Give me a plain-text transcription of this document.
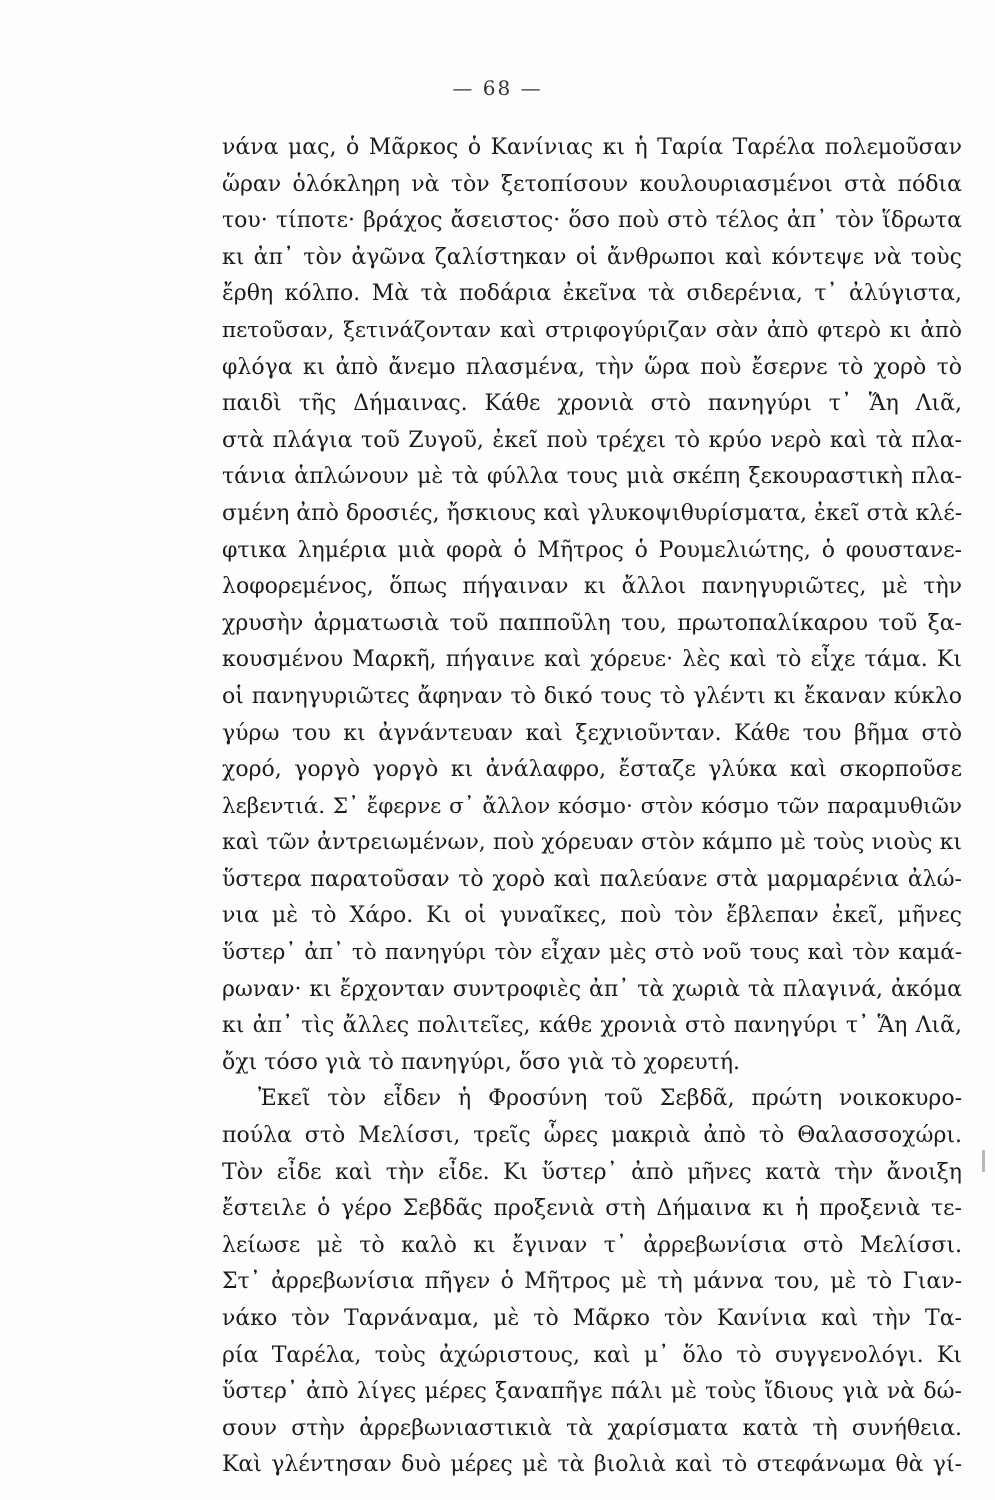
— 68 —
νάνα μας, ὁ Μᾶρκος ὁ Κανίνιας κι ἡ Ταρία Ταρέλα πολεμοῦσαν
ὥραν ὁλόκληρη νὰ τὸν ξετοπίσουν κουλουριασμένοι στὰ πόδια
του· τίποτε· βράχος ἄσειστος· ὅσο ποὺ στὸ τέλος ἀπ᾿ τὸν ἵδρωτα
κι ἀπ᾿ τὸν ἀγῶνα ζαλίστηκαν οἱ ἄνθρωποι καὶ κόντεψε νὰ τοὺς
ἔρθη κόλπο. Μὰ τὰ ποδάρια ἐκεῖνα τὰ σιδερένια, τ᾿ ἀλύγιστα,
πετοῦσαν, ξετινάζονταν καὶ στριφογύριζαν σὰν ἀπὸ φτερὸ κι ἀπὸ
φλόγα κι ἀπὸ ἄνεμο πλασμένα, τὴν ὥρα ποὺ ἔσερνε τὸ χορὸ τὸ
παιδὶ τῆς Δήμαινας. Κάθε χρονιὰ στὸ πανηγύρι τ᾿ Ἅη Λιᾶ,
στὰ πλάγια τοῦ Ζυγοῦ, ἐκεῖ ποὺ τρέχει τὸ κρύο νερὸ καὶ τὰ πλα-
τάνια ἁπλώνουν μὲ τὰ φύλλα τους μιὰ σκέπη ξεκουραστικὴ πλα-
σμένη ἀπὸ δροσιές, ἤσκιους καὶ γλυκοψιθυρίσματα, ἐκεῖ στὰ κλέ-
φτικα λημέρια μιὰ φορὰ ὁ Μῆτρος ὁ Ρουμελιώτης, ὁ φουστανε-
λοφορεμένος, ὅπως πήγαιναν κι ἄλλοι πανηγυριῶτες, μὲ τὴν
χρυσὴν ἀρματωσιὰ τοῦ παπποῦλη του, πρωτοπαλίκαρου τοῦ ξα-
κουσμένου Μαρκῆ, πήγαινε καὶ χόρευε· λὲς καὶ τὸ εἶχε τάμα. Κι
οἱ πανηγυριῶτες ἄφηναν τὸ δικό τους τὸ γλέντι κι ἔκαναν κύκλο
γύρω του κι ἀγνάντευαν καὶ ξεχνιοῦνταν. Κάθε του βῆμα στὸ
χορό, γοργὸ γοργὸ κι ἀνάλαφρο, ἔσταζε γλύκα καὶ σκορποῦσε
λεβεντιά. Σ᾿ ἔφερνε σ᾿ ἄλλον κόσμο· στὸν κόσμο τῶν παραμυθιῶν
καὶ τῶν ἀντρειωμένων, ποὺ χόρευαν στὸν κάμπο μὲ τοὺς νιοὺς κι
ὕστερα παρατοῦσαν τὸ χορὸ καὶ παλεύανε στὰ μαρμαρένια ἀλώ-
νια μὲ τὸ Χάρο. Κι οἱ γυναῖκες, ποὺ τὸν ἔβλεπαν ἐκεῖ, μῆνες
ὕστερ᾿ ἀπ᾿ τὸ πανηγύρι τὸν εἶχαν μὲς στὸ νοῦ τους καὶ τὸν καμά-
ρωναν· κι ἔρχονταν συντροφιὲς ἀπ᾿ τὰ χωριὰ τὰ πλαγινά, ἀκόμα
κι ἀπ᾿ τὶς ἄλλες πολιτεῖες, κάθε χρονιὰ στὸ πανηγύρι τ᾿ Ἅη Λιᾶ,
ὄχι τόσο γιὰ τὸ πανηγύρι, ὅσο γιὰ τὸ χορευτή.
Ἐκεῖ τὸν εἶδεν ἡ Φροσύνη τοῦ Σεβδᾶ, πρώτη νοικοκυρο-
πούλα στὸ Μελίσσι, τρεῖς ὧρες μακριὰ ἀπὸ τὸ Θαλασσοχώρι.
Τὸν εἶδε καὶ τὴν εἶδε. Κι ὕστερ᾿ ἀπὸ μῆνες κατὰ τὴν ἄνοιξη
ἔστειλε ὁ γέρο Σεβδᾶς προξενιὰ στὴ Δήμαινα κι ἡ προξενιὰ τε-
λείωσε μὲ τὸ καλὸ κι ἔγιναν τ᾿ ἀρρεβωνίσια στὸ Μελίσσι.
Στ᾿ ἀρρεβωνίσια πῆγεν ὁ Μῆτρος μὲ τὴ μάννα του, μὲ τὸ Γιαν-
νάκο τὸν Ταρνάναμα, μὲ τὸ Μᾶρκο τὸν Κανίνια καὶ τὴν Τα-
ρία Ταρέλα, τοὺς ἀχώριστους, καὶ μ᾿ ὅλο τὸ συγγενολόγι. Κι
ὕστερ᾿ ἀπὸ λίγες μέρες ξαναπῆγε πάλι μὲ τοὺς ἴδιους γιὰ νὰ δώ-
σουν στὴν ἀρρεβωνιαστικιὰ τὰ χαρίσματα κατὰ τὴ συνήθεια.
Καὶ γλέντησαν δυὸ μέρες μὲ τὰ βιολιὰ καὶ τὸ στεφάνωμα θὰ γί-
